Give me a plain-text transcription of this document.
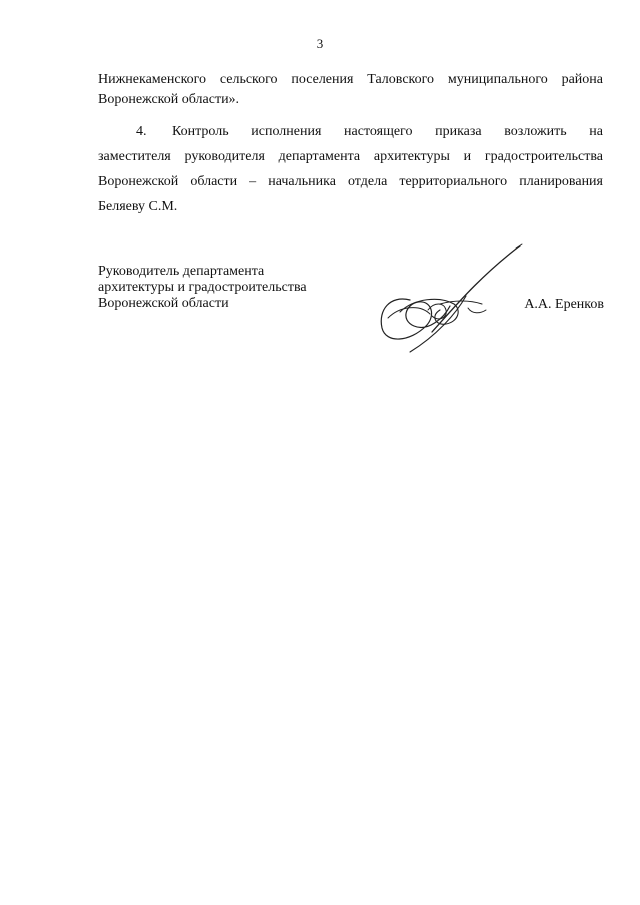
3
Нижнекаменского сельского поселения Таловского муниципального района
Воронежской области».
4. Контроль исполнения настоящего приказа возложить на
заместителя руководителя департамента архитектуры и градостроительства
Воронежской области – начальника отдела территориального планирования
Беляеву С.М.
Руководитель департамента
архитектуры и градостроительства
Воронежской области	А.А. Еренков
